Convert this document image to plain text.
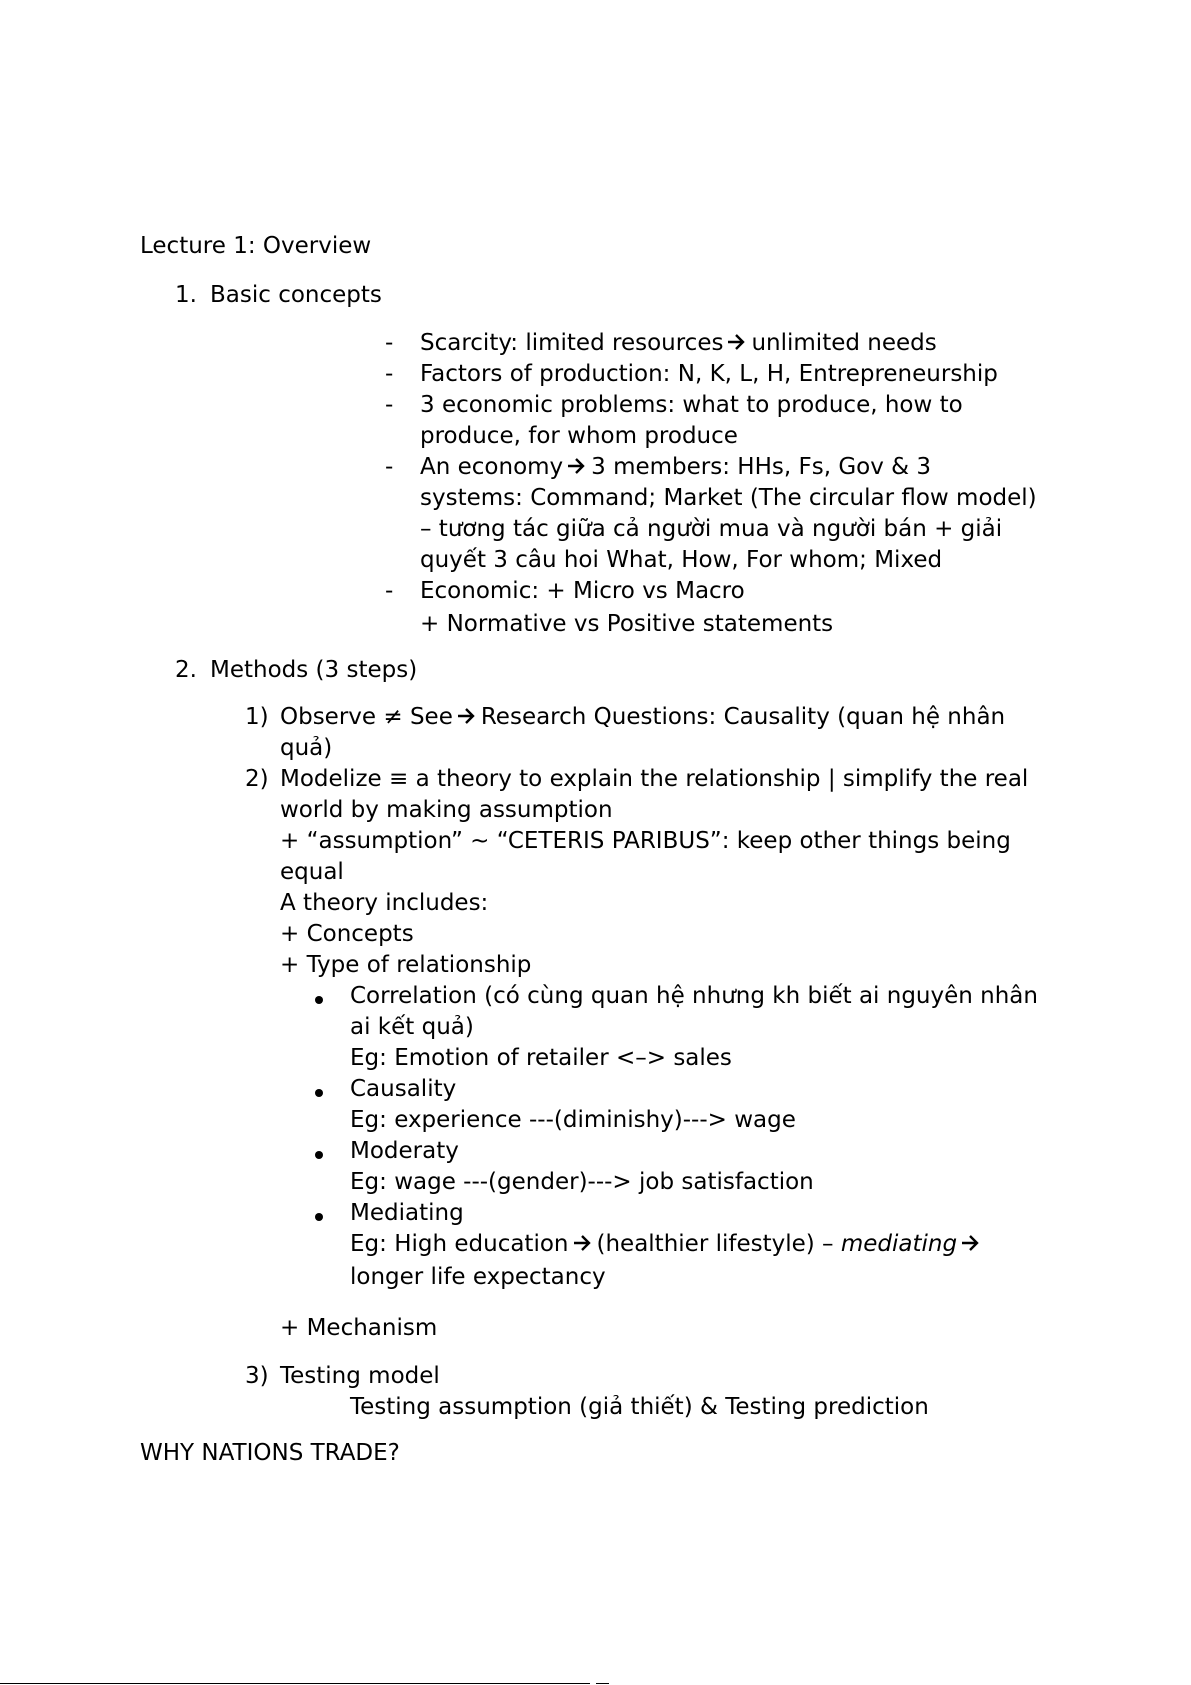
Lecture 1: Overview
1. Basic concepts
- Scarcity: limited resources unlimited needs
- Factors of production: N, K, L, H, Entrepreneurship
- 3 economic problems: what to produce, how to
produce, for whom produce
- An economy 3 members: HHs, Fs, Gov & 3
systems: Command; Market (The circular flow model)
– tương tác giữa cả người mua và người bán + giải
quyết 3 câu hoi What, How, For whom; Mixed
- Economic: + Micro vs Macro
+ Normative vs Positive statements
2. Methods (3 steps)
1) Observe ≠ See Research Questions: Causality (quan hệ nhân
quả)
2) Modelize ≡ a theory to explain the relationship | simplify the real
world by making assumption
+ “assumption” ~ “CETERIS PARIBUS”: keep other things being
equal
A theory includes:
+ Concepts
+ Type of relationship
Correlation (có cùng quan hệ nhưng kh biết ai nguyên nhân
ai kết quả)
Eg: Emotion of retailer <–> sales
Causality
Eg: experience ---(diminishy)---> wage
Moderaty
Eg: wage ---(gender)---> job satisfaction
Mediating
Eg: High education (healthier lifestyle) – mediating
longer life expectancy
+ Mechanism
3) Testing model
Testing assumption (giả thiết) & Testing prediction
WHY NATIONS TRADE?
